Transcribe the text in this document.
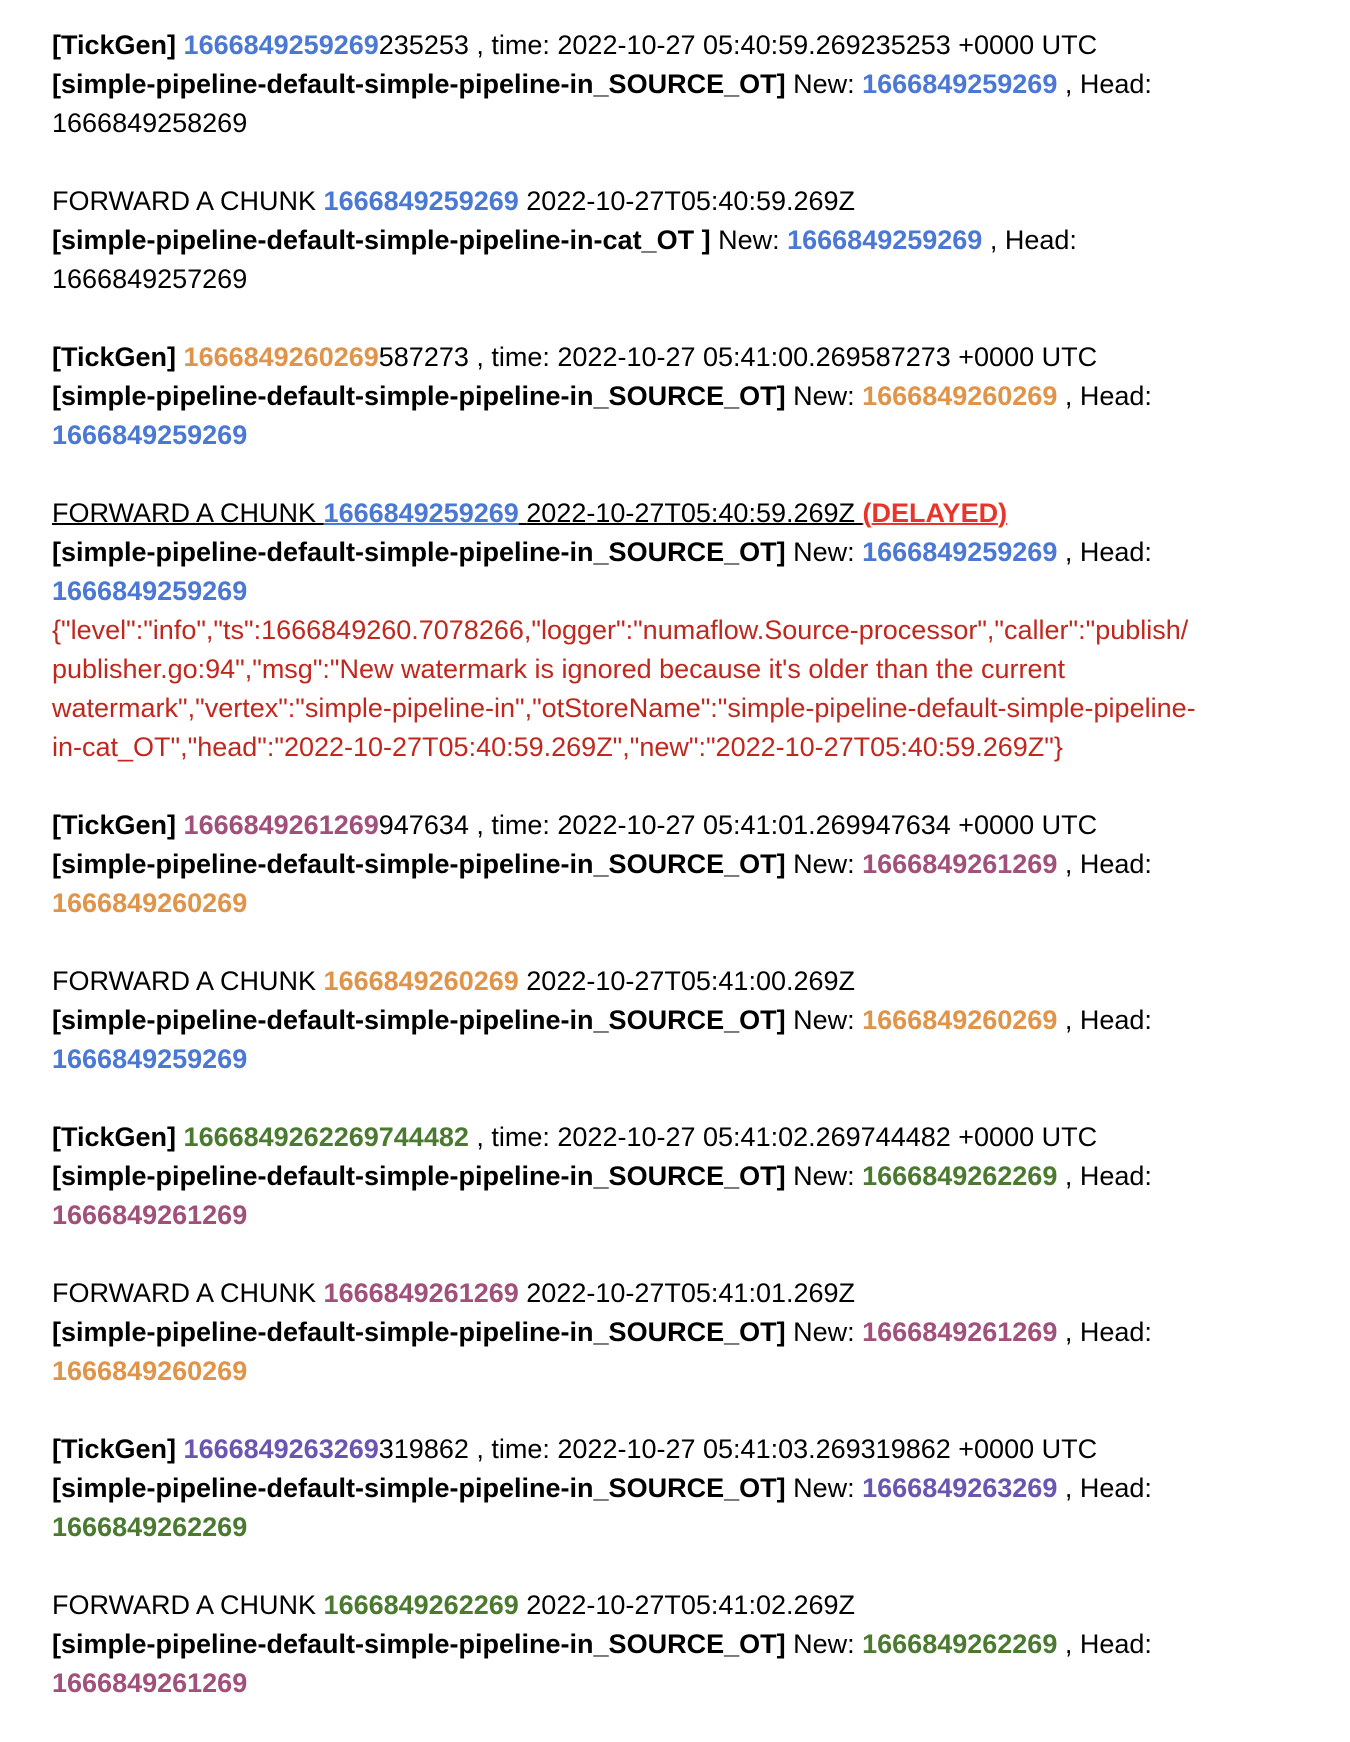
[TickGen] 1666849259269235253 , time: 2022-10-27 05:40:59.269235253 +0000 UTC
[simple-pipeline-default-simple-pipeline-in_SOURCE_OT] New: 1666849259269 , Head:
1666849258269
FORWARD A CHUNK 1666849259269 2022-10-27T05:40:59.269Z
[simple-pipeline-default-simple-pipeline-in-cat_OT ] New: 1666849259269 , Head:
1666849257269
[TickGen] 1666849260269587273 , time: 2022-10-27 05:41:00.269587273 +0000 UTC
[simple-pipeline-default-simple-pipeline-in_SOURCE_OT] New: 1666849260269 , Head:
1666849259269
FORWARD A CHUNK 1666849259269 2022-10-27T05:40:59.269Z (DELAYED)
[simple-pipeline-default-simple-pipeline-in_SOURCE_OT] New: 1666849259269 , Head:
1666849259269
{"level":"info","ts":1666849260.7078266,"logger":"numaflow.Source-processor","caller":"publish/
publisher.go:94","msg":"New watermark is ignored because it's older than the current
watermark","vertex":"simple-pipeline-in","otStoreName":"simple-pipeline-default-simple-pipeline-
in-cat_OT","head":"2022-10-27T05:40:59.269Z","new":"2022-10-27T05:40:59.269Z"}
[TickGen] 1666849261269947634 , time: 2022-10-27 05:41:01.269947634 +0000 UTC
[simple-pipeline-default-simple-pipeline-in_SOURCE_OT] New: 1666849261269 , Head:
1666849260269
FORWARD A CHUNK 1666849260269 2022-10-27T05:41:00.269Z
[simple-pipeline-default-simple-pipeline-in_SOURCE_OT] New: 1666849260269 , Head:
1666849259269
[TickGen] 1666849262269744482 , time: 2022-10-27 05:41:02.269744482 +0000 UTC
[simple-pipeline-default-simple-pipeline-in_SOURCE_OT] New: 1666849262269 , Head:
1666849261269
FORWARD A CHUNK 1666849261269 2022-10-27T05:41:01.269Z
[simple-pipeline-default-simple-pipeline-in_SOURCE_OT] New: 1666849261269 , Head:
1666849260269
[TickGen] 1666849263269319862 , time: 2022-10-27 05:41:03.269319862 +0000 UTC
[simple-pipeline-default-simple-pipeline-in_SOURCE_OT] New: 1666849263269 , Head:
1666849262269
FORWARD A CHUNK 1666849262269 2022-10-27T05:41:02.269Z
[simple-pipeline-default-simple-pipeline-in_SOURCE_OT] New: 1666849262269 , Head:
1666849261269
